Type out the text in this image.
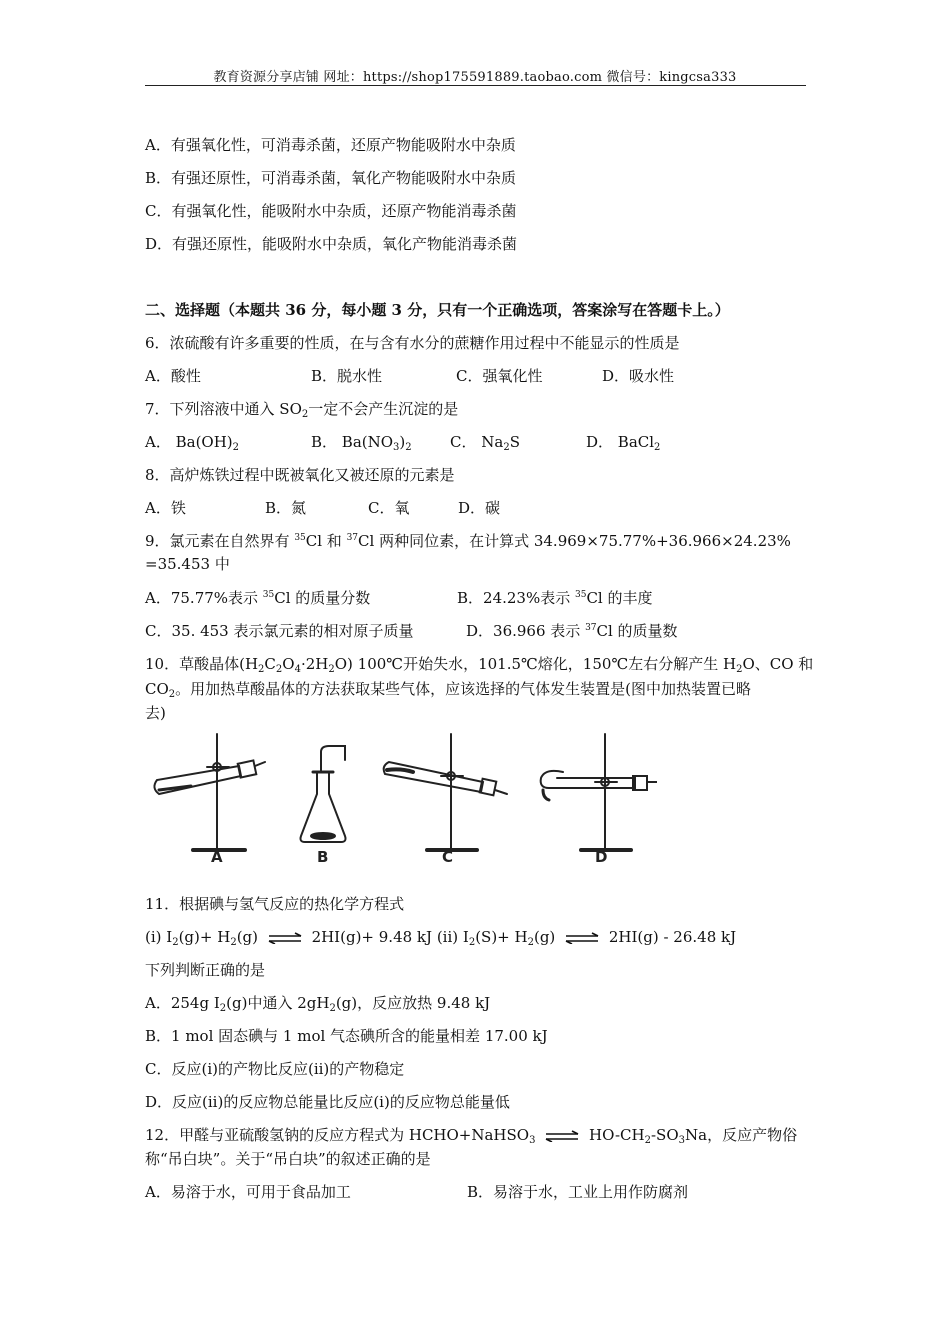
教育资源分享店铺 网址：https://shop175591889.taobao.com 微信号：kingcsa333
A．有强氧化性，可消毒杀菌，还原产物能吸附水中杂质
B．有强还原性，可消毒杀菌，氧化产物能吸附水中杂质
C．有强氧化性，能吸附水中杂质，还原产物能消毒杀菌
D．有强还原性，能吸附水中杂质，氧化产物能消毒杀菌
二、选择题（本题共 36 分，每小题 3 分，只有一个正确选项，答案涂写在答题卡上。）
6．浓硫酸有许多重要的性质，在与含有水分的蔗糖作用过程中不能显示的性质是
A．酸性	B．脱水性	C．强氧化性	D．吸水性
7．下列溶液中通入 $SO_2$一定不会产生沉淀的是
A． $Ba(OH)_2$	B． $Ba(NO_3)_2$	C． $Na_2S$	D． BaCl$_2$
8．高炉炼铁过程中既被氧化又被还原的元素是
A．铁	B．氮	C．氧	D．碳
9．氯元素在自然界有 $^{35}$Cl 和 $^{37}$Cl 两种同位素，在计算式 34.969×75.77%+36.966×24.23%
=35.453 中
A．75.77%表示 $^{35}$Cl 的质量分数	B．24.23%表示 $^{35}$Cl 的丰度
C．35. 453 表示氯元素的相对原子质量	D．36.966 表示 $^{37}$Cl 的质量数
10．草酸晶体$(H_2C_2O_4\cdot 2H_2O)$ 100℃开始失水，101.5℃熔化，150℃左右分解产生 $H_2O$、CO 和
$CO_2$。用加热草酸晶体的方法获取某些气体，应该选择的气体发生装置是(图中加热装置已略
去)
A	B	C	D
11．根据碘与氢气反应的热化学方程式
(i) $I_2(g)+ H_2(g)$ ⇌ 2HI(g)+ 9.48 kJ (ii) $I_2(S)+ H_2(g)$ ⇌ 2HI(g) - 26.48 kJ
下列判断正确的是
A．254g $I_2(g)$中通入 $2gH_2(g)$，反应放热 9.48 kJ
B．1 mol 固态碘与 1 mol 气态碘所含的能量相差 17.00 kJ
C．反应(i)的产物比反应(ii)的产物稳定
D．反应(ii)的反应物总能量比反应(i)的反应物总能量低
12．甲醛与亚硫酸氢钠的反应方程式为 HCHO+NaHSO$_3$ ⇌ $HO-CH_2-SO_3Na$，反应产物俗
称“吊白块”。关于“吊白块”的叙述正确的是
A．易溶于水，可用于食品加工	B．易溶于水，工业上用作防腐剂
